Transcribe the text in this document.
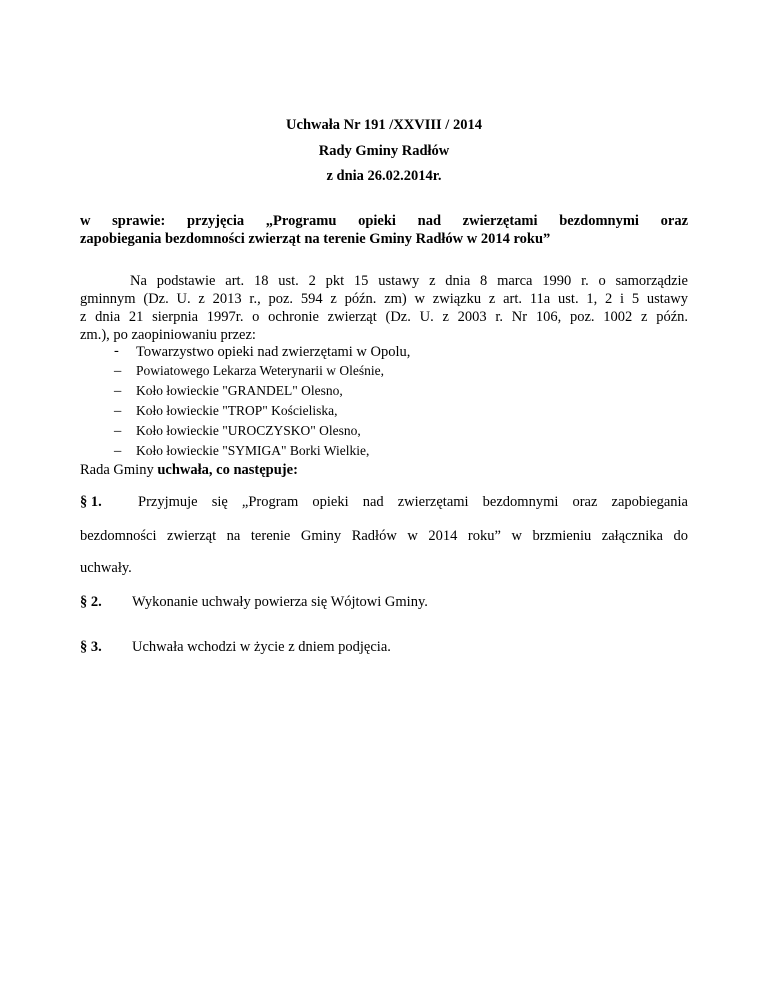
Uchwała Nr 191 /XXVIII / 2014
Rady Gminy Radłów
z dnia 26.02.2014r.
w sprawie: przyjęcia „Programu opieki nad zwierzętami bezdomnymi oraz
zapobiegania bezdomności zwierząt na terenie Gminy Radłów w 2014 roku”
Na podstawie art. 18 ust. 2 pkt 15 ustawy z dnia 8 marca 1990 r. o samorządzie
gminnym (Dz. U. z 2013 r., poz. 594 z późn. zm) w związku z art. 11a ust. 1, 2 i 5 ustawy
z dnia 21 sierpnia 1997r. o ochronie zwierząt (Dz. U. z 2003 r. Nr 106, poz. 1002 z późn.
zm.), po zaopiniowaniu przez:
- Towarzystwo opieki nad zwierzętami w Opolu,
– Powiatowego Lekarza Weterynarii w Oleśnie,
– Koło łowieckie "GRANDEL" Olesno,
– Koło łowieckie "TROP" Kościeliska,
– Koło łowieckie "UROCZYSKO" Olesno,
– Koło łowieckie "SYMIGA" Borki Wielkie,
Rada Gminy uchwała, co następuje:
§ 1.	Przyjmuje się „Program opieki nad zwierzętami bezdomnymi oraz zapobiegania
bezdomności zwierząt na terenie Gminy Radłów w 2014 roku” w brzmieniu załącznika do
uchwały.
§ 2. Wykonanie uchwały powierza się Wójtowi Gminy.
§ 3. Uchwała wchodzi w życie z dniem podjęcia.
